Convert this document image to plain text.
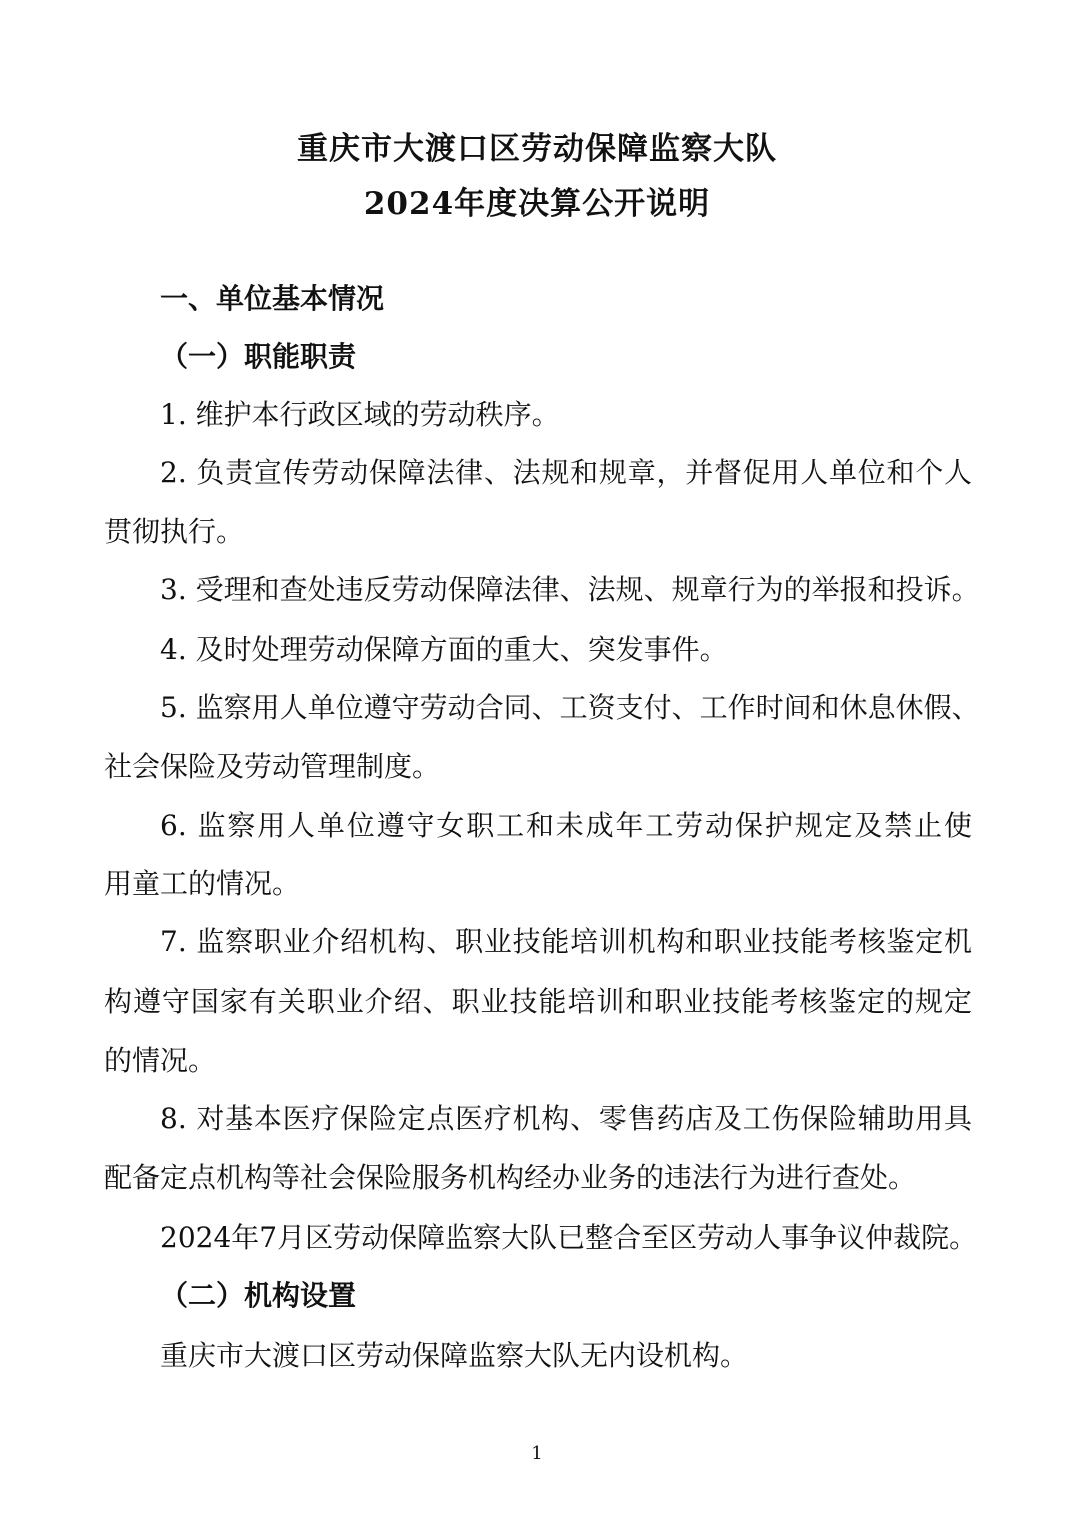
重庆市大渡口区劳动保障监察大队
2024年度决算公开说明
一、单位基本情况
（一）职能职责
1. 维护本行政区域的劳动秩序。
2. 负责宣传劳动保障法律、法规和规章，并督促用人单位和个人
贯彻执行。
3. 受理和查处违反劳动保障法律、法规、规章行为的举报和投诉。
4. 及时处理劳动保障方面的重大、突发事件。
5. 监察用人单位遵守劳动合同、工资支付、工作时间和休息休假、
社会保险及劳动管理制度。
6. 监察用人单位遵守女职工和未成年工劳动保护规定及禁止使
用童工的情况。
7. 监察职业介绍机构、职业技能培训机构和职业技能考核鉴定机
构遵守国家有关职业介绍、职业技能培训和职业技能考核鉴定的规定
的情况。
8. 对基本医疗保险定点医疗机构、零售药店及工伤保险辅助用具
配备定点机构等社会保险服务机构经办业务的违法行为进行查处。
2024年7月区劳动保障监察大队已整合至区劳动人事争议仲裁院。
（二）机构设置
重庆市大渡口区劳动保障监察大队无内设机构。
1
